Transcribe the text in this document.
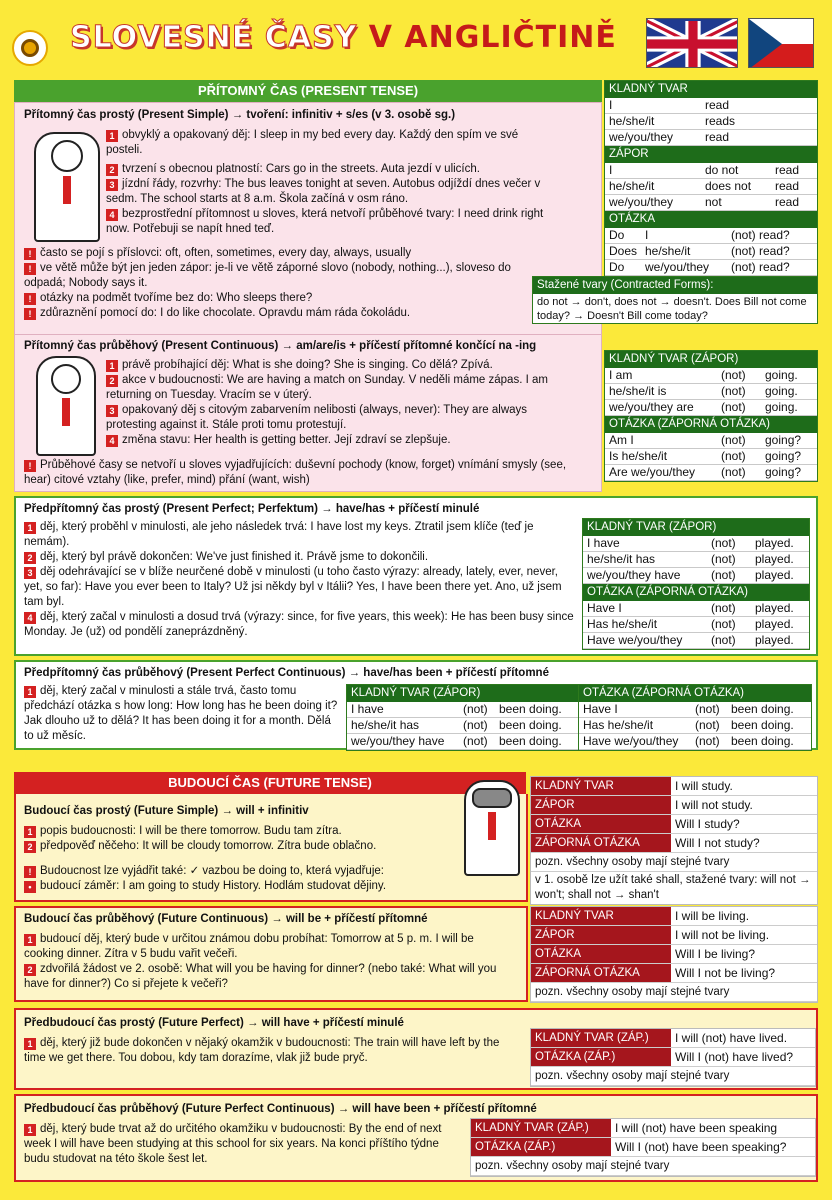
SLOVESNÉ ČASY V ANGLIČTINĚ
PŘÍTOMNÝ ČAS (PRESENT TENSE)
Přítomný čas prostý (Present Simple) → tvoření: infinitiv + s/es (v 3. osobě sg.)
1 obvyklý a opakovaný děj: I sleep in my bed every day. Každý den spím ve své posteli.
2 tvrzení s obecnou platností: Cars go in the streets. Auta jezdí v ulicích.
3 jízdní řády, rozvrhy: The bus leaves tonight at seven. Autobus odjíždí dnes večer v sedm. The school starts at 8 a.m. Škola začíná v osm ráno.
4 bezprostřední přítomnost u sloves, která netvoří průběhové tvary: I need drink right now. Potřebuji se napít hned teď.
! často se pojí s příslovci: oft, often, sometimes, every day, always, usually
! ve větě může být jen jeden zápor: je-li ve větě záporné slovo (nobody, nothing...), sloveso do odpadá; Nobody says it.
! otázky na podmět tvoříme bez do: Who sleeps there?
! zdůraznění pomocí do: I do like chocolate. Opravdu mám ráda čokoládu.
KLADNÝ TVAR
I	read
he/she/it	reads
we/you/they	read
ZÁPOR
I	do not	read
he/she/it	does not	read
we/you/they	not	read
OTÁZKA
Do	I	(not) read?
Does he/she/it	(not) read?
Do	we/you/they	(not) read?
Stažené tvary (Contracted Forms):
do not → don't, does not → doesn't. Does Bill not come today? → Doesn't Bill come today?
Přítomný čas průběhový (Present Continuous) → am/are/is + příčestí přítomné končící na -ing
1 právě probíhající děj: What is she doing? She is singing. Co dělá? Zpívá.
2 akce v budoucnosti: We are having a match on Sunday. V neděli máme zápas. I am returning on Tuesday. Vracím se v úterý.
3 opakovaný děj s citovým zabarvením nelibosti (always, never): They are always protesting against it. Stále proti tomu protestují.
4 změna stavu: Her health is getting better. Její zdraví se zlepšuje.
! Průběhové časy se netvoří u sloves vyjadřujících: duševní pochody (know, forget) vnímání smysly (see, hear) citové vztahy (like, prefer, mind) přání (want, wish)
KLADNÝ TVAR (ZÁPOR)
I am	(not)	going.
he/she/it is	(not)	going.
we/you/they are	(not)	going.
OTÁZKA (ZÁPORNÁ OTÁZKA)
Am I	(not)	going?
Is he/she/it	(not)	going?
Are we/you/they	(not)	going?
Předpřítomný čas prostý (Present Perfect; Perfektum) → have/has + příčestí minulé
1 děj, který proběhl v minulosti, ale jeho následek trvá: I have lost my keys. Ztratil jsem klíče (teď je nemám).
2 děj, který byl právě dokončen: We've just finished it. Právě jsme to dokončili.
3 děj odehrávající se v blíže neurčené době v minulosti (u toho často výrazy: already, lately, ever, never, yet, so far): Have you ever been to Italy? Už jsi někdy byl v Itálii? Yes, I have been there yet. Ano, už jsem tam byl.
4 děj, který začal v minulosti a dosud trvá (výrazy: since, for five years, this week): He has been busy since Monday. Je (už) od pondělí zaneprázdněný.
KLADNÝ TVAR (ZÁPOR)
I have	(not)	played.
he/she/it has	(not)	played.
we/you/they have	(not)	played.
OTÁZKA (ZÁPORNÁ OTÁZKA)
Have I	(not)	played.
Has he/she/it	(not)	played.
Have we/you/they	(not)	played.
Předpřítomný čas průběhový (Present Perfect Continuous) → have/has been + příčestí přítomné
1 děj, který začal v minulosti a stále trvá, často tomu předchází otázka s how long: How long has he been doing it? Jak dlouho už to dělá? It has been doing it for a month. Dělá to už měsíc.
KLADNÝ TVAR (ZÁPOR)
I have	(not) been doing.
he/she/it has	(not) been doing.
we/you/they have	(not) been doing.
OTÁZKA (ZÁPORNÁ OTÁZKA)
Have I	(not) been doing.
Has he/she/it	(not) been doing.
Have we/you/they	(not) been doing.
BUDOUCÍ ČAS (FUTURE TENSE)
Budoucí čas prostý (Future Simple) → will + infinitiv
1 popis budoucnosti: I will be there tomorrow. Budu tam zítra.
2 předpověď něčeho: It will be cloudy tomorrow. Zítra bude oblačno.
! Budoucnost lze vyjádřit také: ✓ vazbou be doing to, která vyjadřuje:
• budoucí záměr: I am going to study History. Hodlám studovat dějiny.
KLADNÝ TVAR	I will study.
ZÁPOR	I will not study.
OTÁZKA	Will I study?
ZÁPORNÁ OTÁZKA	Will I not study?
pozn. všechny osoby mají stejné tvary
v 1. osobě lze užít také shall, stažené tvary: will not → won't; shall not → shan't
Budoucí čas průběhový (Future Continuous) → will be + příčestí přítomné
1 budoucí děj, který bude v určitou známou dobu probíhat: Tomorrow at 5 p. m. I will be cooking dinner. Zítra v 5 budu vařit večeři.
2 zdvořilá žádost ve 2. osobě: What will you be having for dinner? (nebo také: What will you have for dinner?) Co si přejete k večeři?
KLADNÝ TVAR	I will be living.
ZÁPOR	I will not be living.
OTÁZKA	Will I be living?
ZÁPORNÁ OTÁZKA	Will I not be living?
pozn. všechny osoby mají stejné tvary
Předbudoucí čas prostý (Future Perfect) → will have + příčestí minulé
1 děj, který již bude dokončen v nějaký okamžik v budoucnosti: The train will have left by the time we get there. Tou dobou, kdy tam dorazíme, vlak již bude pryč.
KLADNÝ TVAR (ZÁP.)	I will (not) have lived.
OTÁZKA (ZÁP.)	Will I (not) have lived?
pozn. všechny osoby mají stejné tvary
Předbudoucí čas průběhový (Future Perfect Continuous) → will have been + příčestí přítomné
1 děj, který bude trvat až do určitého okamžiku v budoucnosti: By the end of next week I will have been studying at this school for six years. Na konci příštího týdne budu studovat na této škole šest let.
KLADNÝ TVAR (ZÁP.)	I will (not) have been speaking
OTÁZKA (ZÁP.)	Will I (not) have been speaking?
pozn. všechny osoby mají stejné tvary
